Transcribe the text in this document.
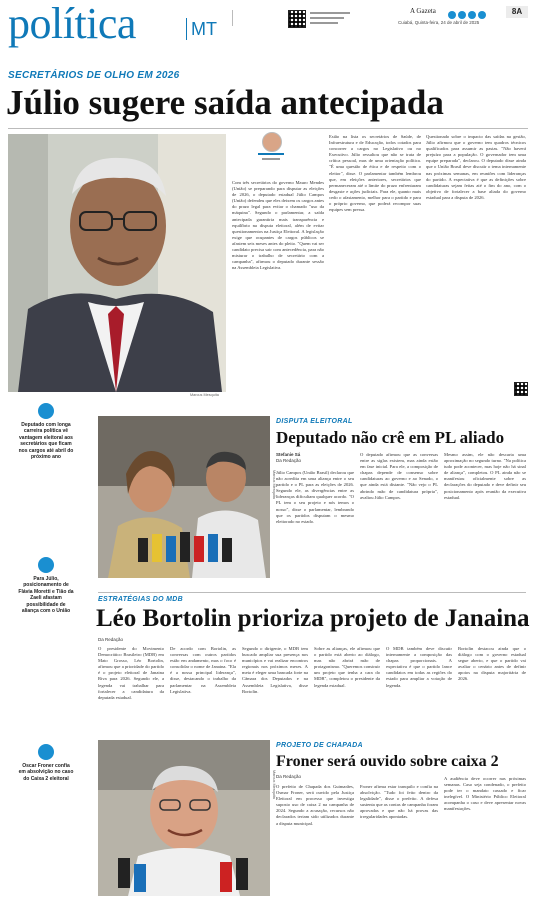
política	MT
A Gazeta
Cuiabá, Quinta-feira, 24 de abril de 2025
8A
SECRETÁRIOS DE OLHO EM 2026
Júlio sugere saída antecipada
Marcus Mesquita
Com três secretários do governo Mauro Mendes (União) se preparando para disputar as eleições de 2026, o deputado estadual Júlio Campos (União) defendeu que eles deixem os cargos antes do prazo legal para evitar o chamado "uso da máquina". Segundo o parlamentar, a saída antecipada garantiria mais transparência e equilíbrio na disputa eleitoral, além de evitar questionamentos na Justiça Eleitoral. A legislação exige que ocupantes de cargos públicos se afastem seis meses antes do pleito. "Quem vai ser candidato precisa sair com antecedência, para não misturar o trabalho de secretário com a campanha", afirmou o deputado durante sessão na Assembleia Legislativa.
Estão na lista os secretários de Saúde, de Infraestrutura e de Educação, todos cotados para concorrer a cargos no Legislativo ou no Executivo. Júlio ressaltou que não se trata de crítica pessoal, mas de uma orientação política. "É uma questão de ética e de respeito com o eleitor", disse. O parlamentar também lembrou que, em eleições anteriores, secretários que permaneceram até o limite do prazo enfrentaram desgaste e ações judiciais. Para ele, quanto mais cedo o afastamento, melhor para o partido e para o próprio governo, que poderá recompor suas equipes sem pressa.
Questionado sobre o impacto das saídas na gestão, Júlio afirmou que o governo tem quadros técnicos qualificados para assumir as pastas. "Não haverá prejuízo para a população. O governador tem uma equipe preparada", declarou. O deputado disse ainda que o União Brasil deve discutir o tema internamente nas próximas semanas, em reuniões com lideranças do partido. A expectativa é que as definições sobre candidaturas sejam feitas até o fim do ano, com o objetivo de fortalecer a base aliada do governo estadual para a disputa de 2026.
Deputado com longa carreira política vê vantagem eleitoral aos secretários que ficam nos cargos até abril do próximo ano
Para Júlio, posicionamento de Flávia Moretti e Tião da Zaeli afastam possibilidade de aliança com o União
Oscar Froner confia em absolvição no caso do Caixa 2 eleitoral
Marcus Mesquita
DISPUTA ELEITORAL
Deputado não crê em PL aliado
Stefanie Sá
Da Redação
Júlio Campos (União Brasil) declarou que não acredita em uma aliança entre o seu partido e o PL para as eleições de 2026. Segundo ele, as divergências entre as lideranças dificultam qualquer acordo. "O PL tem o seu projeto e nós temos o nosso", disse o parlamentar, lembrando que os partidos disputam o mesmo eleitorado no estado.
O deputado afirmou que as conversas entre as siglas existem, mas ainda estão em fase inicial. Para ele, a composição de chapas depende de consenso sobre candidaturas ao governo e ao Senado, o que ainda está distante. "Não vejo o PL abrindo mão de candidatura própria", avaliou Júlio Campos.
Mesmo assim, ele não descarta uma aproximação no segundo turno. "Na política tudo pode acontecer, mas hoje não há sinal de aliança", completou. O PL ainda não se manifestou oficialmente sobre as declarações do deputado e deve definir seu posicionamento após reunião da executiva estadual.
ESTRATÉGIAS DO MDB
Léo Bortolin prioriza projeto de Janaina
Da Redação
O presidente do Movimento Democrático Brasileiro (MDB) em Mato Grosso, Léo Bortolin, afirmou que a prioridade do partido é o projeto eleitoral de Janaina Riva para 2026. Segundo ele, a legenda vai trabalhar para fortalecer a candidatura da deputada estadual.
De acordo com Bortolin, as conversas com outros partidos estão em andamento, mas o foco é consolidar o nome de Janaina. "Ela é a nossa principal liderança", disse, destacando o trabalho da parlamentar na Assembleia Legislativa.
Segundo o dirigente, o MDB tem buscado ampliar sua presença nos municípios e vai realizar encontros regionais nos próximos meses. A meta é eleger uma bancada forte na Câmara dos Deputados e na Assembleia Legislativa, disse Bortolin.
Sobre as alianças, ele afirmou que o partido está aberto ao diálogo, mas não abrirá mão de protagonismo. "Queremos construir um projeto que tenha a cara do MDB", completou o presidente da legenda estadual.
O MDB também deve discutir internamente a composição das chapas proporcionais. A expectativa é que o partido lance candidatos em todas as regiões do estado para ampliar a votação de legenda.
Bortolin destacou ainda que o diálogo com o governo estadual segue aberto, e que o partido vai avaliar o cenário antes de definir apoios na disputa majoritária de 2026.
Marcus Mesquita
PROJETO DE CHAPADA
Froner será ouvido sobre caixa 2
Da Redação
O prefeito de Chapada dos Guimarães, Osmar Froner, será ouvido pela Justiça Eleitoral em processo que investiga suposto uso de caixa 2 na campanha de 2024. Segundo a acusação, recursos não declarados teriam sido utilizados durante a disputa municipal.
Froner afirma estar tranquilo e confia na absolvição. "Tudo foi feito dentro da legalidade", disse o prefeito. A defesa sustenta que as contas de campanha foram aprovadas e que não há provas das irregularidades apontadas.
A audiência deve ocorrer nas próximas semanas. Caso seja condenado, o prefeito pode ter o mandato cassado e ficar inelegível. O Ministério Público Eleitoral acompanha o caso e deve apresentar novas manifestações.
